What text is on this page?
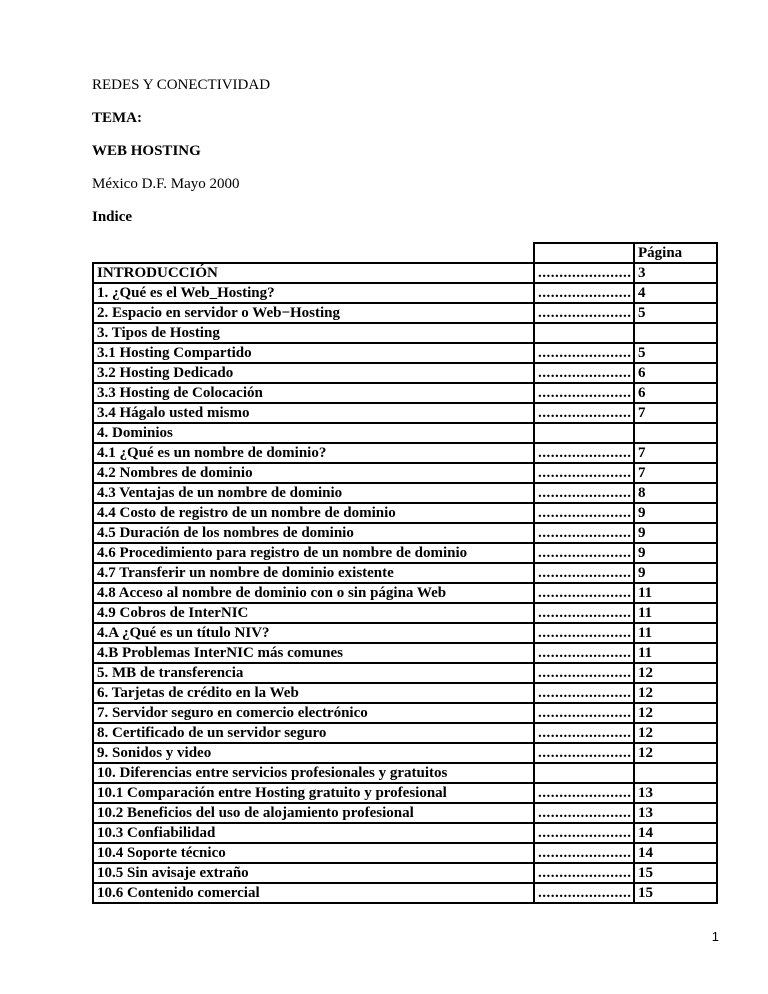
REDES Y CONECTIVIDAD

TEMA:

WEB HOSTING

México D.F. Mayo 2000

Indice

		Página
INTRODUCCIÓN	......................	3
1. ¿Qué es el Web_Hosting?	......................	4
2. Espacio en servidor o Web−Hosting	......................	5
3. Tipos de Hosting		
3.1 Hosting Compartido	......................	5
3.2 Hosting Dedicado	......................	6
3.3 Hosting de Colocación	......................	6
3.4 Hágalo usted mismo	......................	7
4. Dominios		
4.1 ¿Qué es un nombre de dominio?	......................	7
4.2 Nombres de dominio	......................	7
4.3 Ventajas de un nombre de dominio	......................	8
4.4 Costo de registro de un nombre de dominio	......................	9
4.5 Duración de los nombres de dominio	......................	9
4.6 Procedimiento para registro de un nombre de dominio	......................	9
4.7 Transferir un nombre de dominio existente	......................	9
4.8 Acceso al nombre de dominio con o sin página Web	......................	11
4.9 Cobros de InterNIC	......................	11
4.A ¿Qué es un título NIV?	......................	11
4.B Problemas InterNIC más comunes	......................	11
5. MB de transferencia	......................	12
6. Tarjetas de crédito en la Web	......................	12
7. Servidor seguro en comercio electrónico	......................	12
8. Certificado de un servidor seguro	......................	12
9. Sonidos y video	......................	12
10. Diferencias entre servicios profesionales y gratuitos		
10.1 Comparación entre Hosting gratuito y profesional	......................	13
10.2 Beneficios del uso de alojamiento profesional	......................	13
10.3 Confiabilidad	......................	14
10.4 Soporte técnico	......................	14
10.5 Sin avisaje extraño	......................	15
10.6 Contenido comercial	......................	15
1
